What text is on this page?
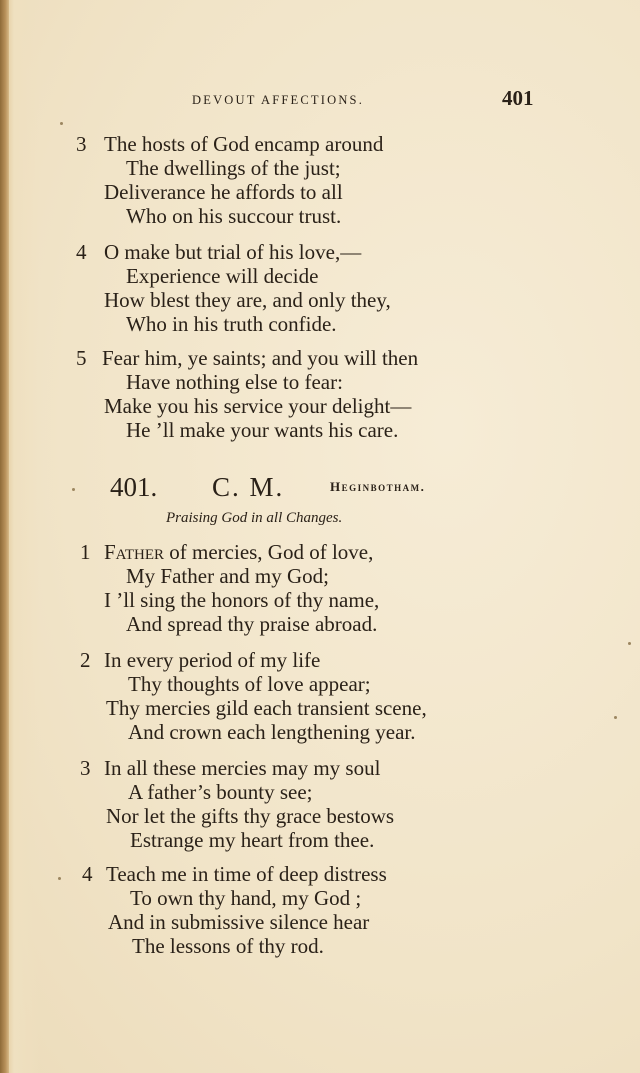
DEVOUT AFFECTIONS.	401
3 The hosts of God encamp around
The dwellings of the just;
Deliverance he affords to all
Who on his succour trust.
4 O make but trial of his love,—
Experience will decide
How blest they are, and only they,
Who in his truth confide.
5 Fear him, ye saints; and you will then
Have nothing else to fear:
Make you his service your delight—
He ’ll make your wants his care.
401. C. M.	Heginbotham.
Praising God in all Changes.
1 Father of mercies, God of love,
My Father and my God;
I ’ll sing the honors of thy name,
And spread thy praise abroad.
2 In every period of my life
Thy thoughts of love appear;
Thy mercies gild each transient scene,
And crown each lengthening year.
3 In all these mercies may my soul
A father’s bounty see;
Nor let the gifts thy grace bestows
Estrange my heart from thee.
4 Teach me in time of deep distress
To own thy hand, my God ;
And in submissive silence hear
The lessons of thy rod.
